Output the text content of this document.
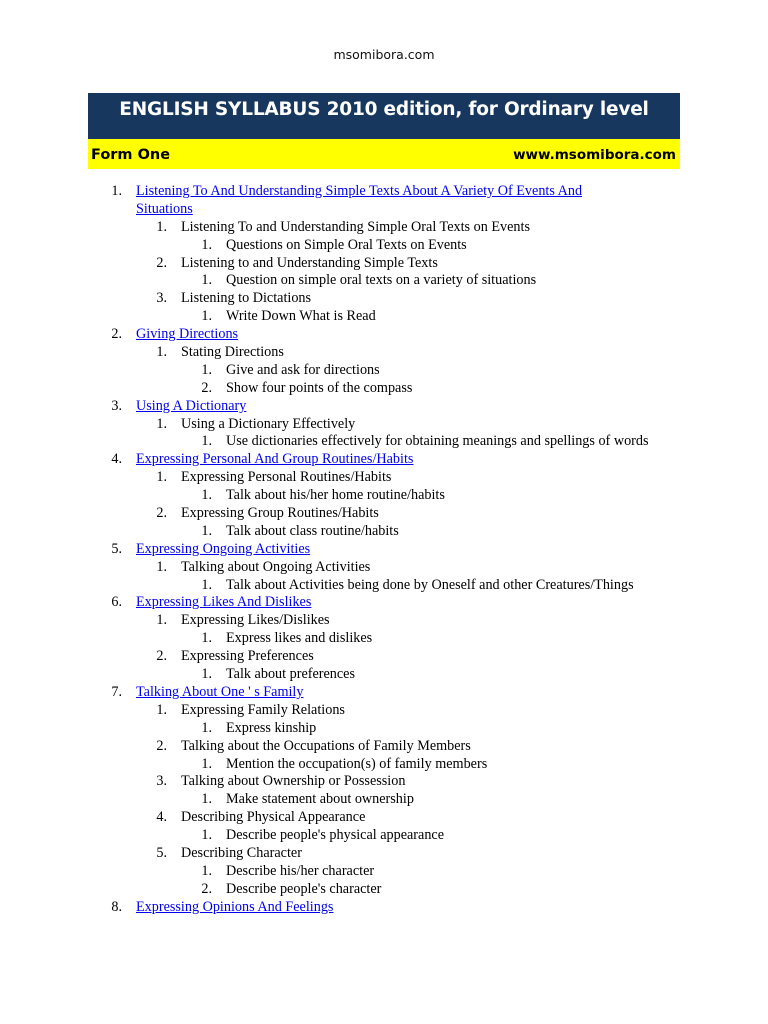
msomibora.com
ENGLISH SYLLABUS 2010 edition, for Ordinary level
Form One	www.msomibora.com
1. Listening To And Understanding Simple Texts About A Variety Of Events And
Situations
1. Listening To and Understanding Simple Oral Texts on Events
1. Questions on Simple Oral Texts on Events
2. Listening to and Understanding Simple Texts
1. Question on simple oral texts on a variety of situations
3. Listening to Dictations
1. Write Down What is Read
2. Giving Directions
1. Stating Directions
1. Give and ask for directions
2. Show four points of the compass
3. Using A Dictionary
1. Using a Dictionary Effectively
1. Use dictionaries effectively for obtaining meanings and spellings of words
4. Expressing Personal And Group Routines/Habits
1. Expressing Personal Routines/Habits
1. Talk about his/her home routine/habits
2. Expressing Group Routines/Habits
1. Talk about class routine/habits
5. Expressing Ongoing Activities
1. Talking about Ongoing Activities
1. Talk about Activities being done by Oneself and other Creatures/Things
6. Expressing Likes And Dislikes
1. Expressing Likes/Dislikes
1. Express likes and dislikes
2. Expressing Preferences
1. Talk about preferences
7. Talking About One ' s Family
1. Expressing Family Relations
1. Express kinship
2. Talking about the Occupations of Family Members
1. Mention the occupation(s) of family members
3. Talking about Ownership or Possession
1. Make statement about ownership
4. Describing Physical Appearance
1. Describe people's physical appearance
5. Describing Character
1. Describe his/her character
2. Describe people's character
8. Expressing Opinions And Feelings
